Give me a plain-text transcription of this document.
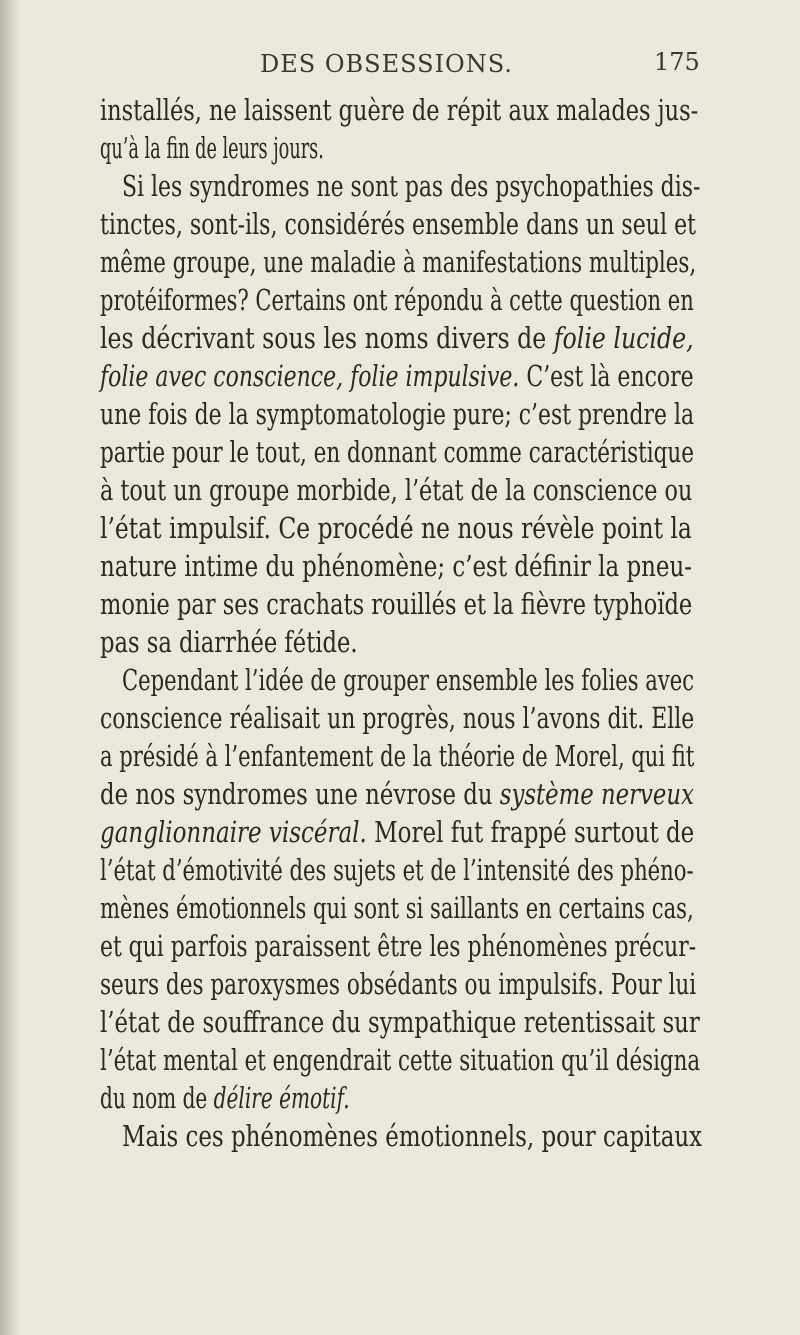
DES OBSESSIONS.	175
installés, ne laissent guère de répit aux malades jus-
qu’à la fin de leurs jours.
Si les syndromes ne sont pas des psychopathies dis-
tinctes, sont-ils, considérés ensemble dans un seul et
même groupe, une maladie à manifestations multiples,
protéiformes? Certains ont répondu à cette question en
les décrivant sous les noms divers de folie lucide,
folie avec conscience, folie impulsive. C’est là encore
une fois de la symptomatologie pure; c’est prendre la
partie pour le tout, en donnant comme caractéristique
à tout un groupe morbide, l’état de la conscience ou
l’état impulsif. Ce procédé ne nous révèle point la
nature intime du phénomène; c’est définir la pneu-
monie par ses crachats rouillés et la fièvre typhoïde
pas sa diarrhée fétide.
Cependant l’idée de grouper ensemble les folies avec
conscience réalisait un progrès, nous l’avons dit. Elle
a présidé à l’enfantement de la théorie de Morel, qui fit
de nos syndromes une névrose du système nerveux
ganglionnaire viscéral. Morel fut frappé surtout de
l’état d’émotivité des sujets et de l’intensité des phéno-
mènes émotionnels qui sont si saillants en certains cas,
et qui parfois paraissent être les phénomènes précur-
seurs des paroxysmes obsédants ou impulsifs. Pour lui
l’état de souffrance du sympathique retentissait sur
l’état mental et engendrait cette situation qu’il désigna
du nom de délire émotif.
Mais ces phénomènes émotionnels, pour capitaux
